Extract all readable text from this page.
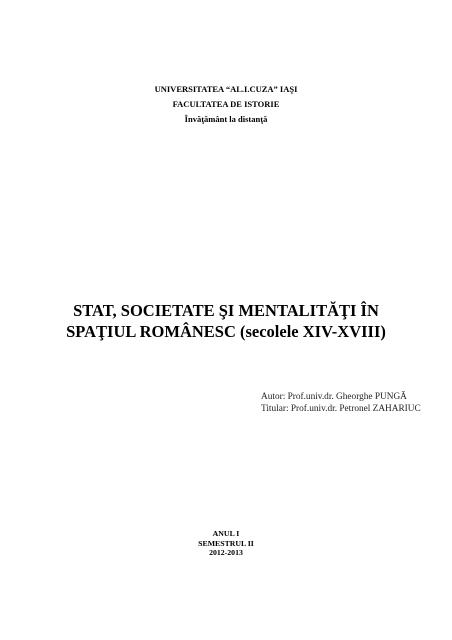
UNIVERSITATEA “AL.I.CUZA” IAŞI
FACULTATEA DE ISTORIE
Învăţământ la distanţă
STAT, SOCIETATE ŞI MENTALITĂŢI ÎN
SPAŢIUL ROMÂNESC (secolele XIV-XVIII)
Autor: Prof.univ.dr. Gheorghe PUNGĂ
Titular: Prof.univ.dr. Petronel ZAHARIUC
ANUL I
SEMESTRUL II
2012-2013
